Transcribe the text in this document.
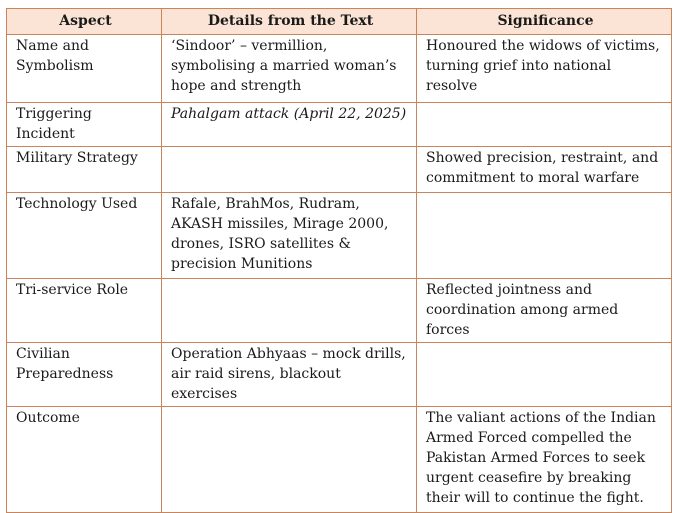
Aspect	Details from the Text	Significance
Name and Symbolism	‘Sindoor’ – vermillion, symbolising a married woman’s hope and strength	Honoured the widows of victims, turning grief into national resolve
Triggering Incident	Pahalgam attack (April 22, 2025)	
Military Strategy		Showed precision, restraint, and commitment to moral warfare
Technology Used	Rafale, BrahMos, Rudram, AKASH missiles, Mirage 2000, drones, ISRO satellites & precision Munitions	
Tri-service Role		Reflected jointness and coordination among armed forces
Civilian Preparedness	Operation Abhyaas – mock drills, air raid sirens, blackout exercises	
Outcome		The valiant actions of the Indian Armed Forced compelled the Pakistan Armed Forces to seek urgent ceasefire by breaking their will to continue the fight.
